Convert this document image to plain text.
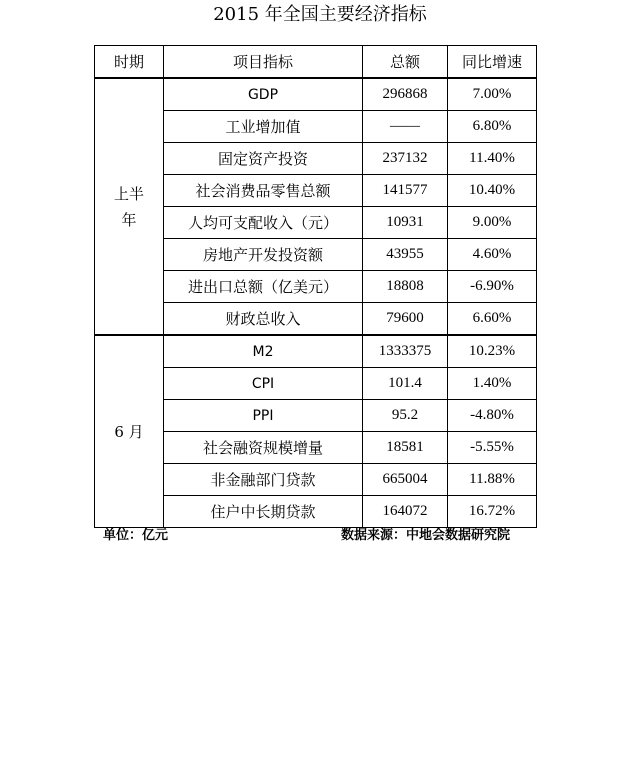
2015 年全国主要经济指标
时期	项目指标	总额	同比增速

上半
年	GDP	296868	7.00%
	工业增加值	——	6.80%
	固定资产投资	237132	11.40%
	社会消费品零售总额	141577	10.40%
	人均可支配收入（元）	10931	9.00%
	房地产开发投资额	43955	4.60%
	进出口总额（亿美元）	18808	-6.90%
	财政总收入	79600	6.60%
6 月	M2	1333375	10.23%
	CPI	101.4	1.40%
	PPI	95.2	-4.80%
	社会融资规模增量	18581	-5.55%
	非金融部门贷款	665004	11.88%
	住户中长期贷款	164072	16.72%
单位：亿元	数据来源：中地会数据研究院
